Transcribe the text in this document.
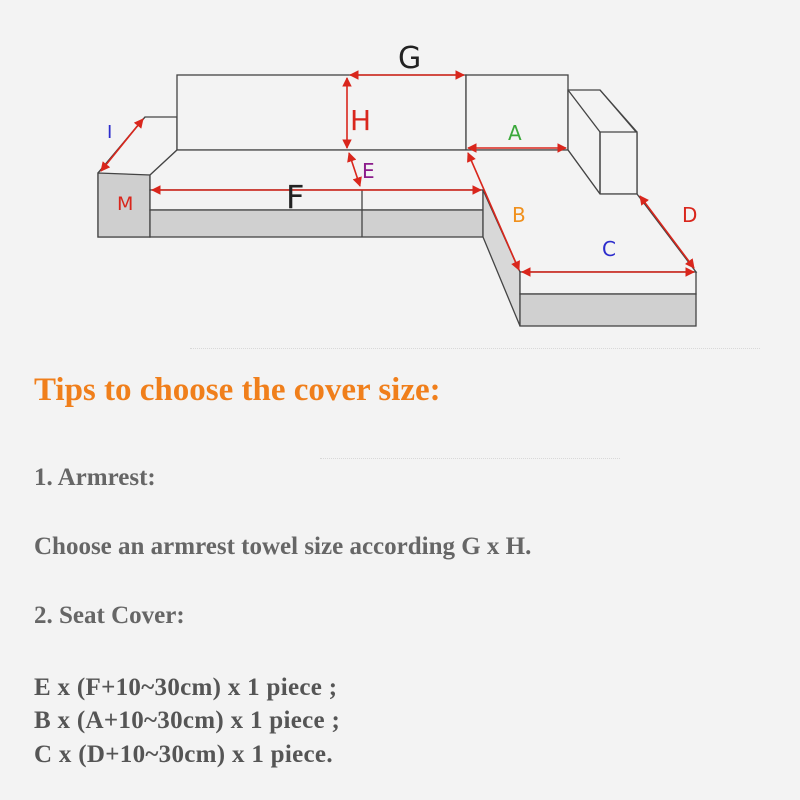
G
H
I
E
A
M	F	B
C
D
Tips to choose the cover size:

1. Armrest:

Choose an armrest towel size according G x H.

2. Seat Cover:

E x (F+10~30cm) x 1 piece ;

B x (A+10~30cm) x 1 piece ;

C x (D+10~30cm) x 1 piece.
